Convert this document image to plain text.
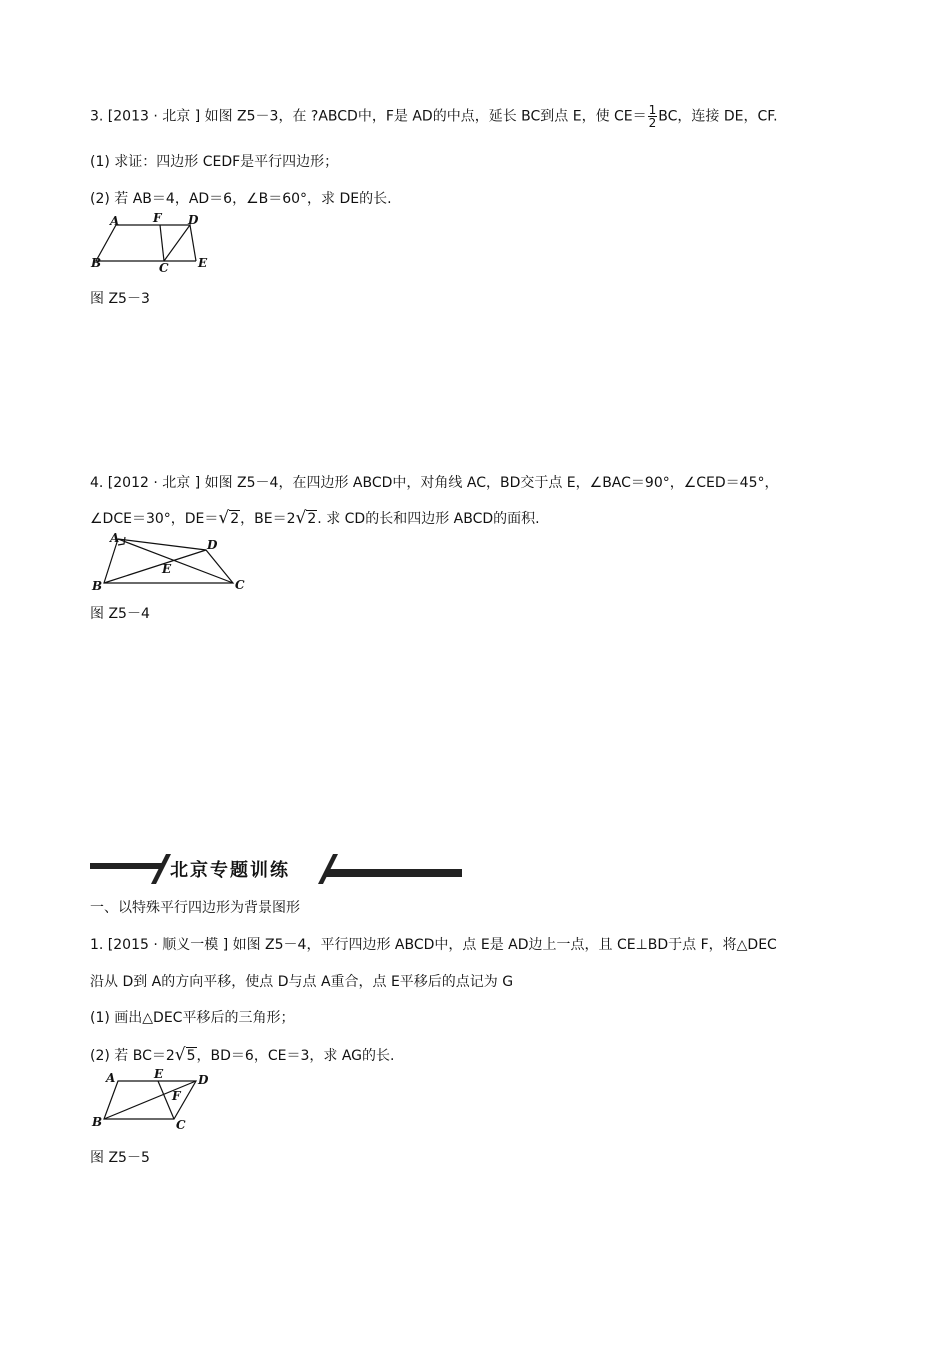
3. [2013 · 北京 ] 如图 Z5－3，在 ?ABCD中，F是 AD的中点，延长 BC到点 E，使 $CE= \frac{1}{2}$ BC，连接 DE，CF.
(1) 求证：四边形 CEDF是平行四边形；
(2) 若 AB＝4，AD＝6，∠B＝60°，求 DE的长.
A	F D
B	C E
图 Z5－3
4. [2012 · 北京 ] 如图 Z5－4，在四边形 ABCD中，对角线 AC，BD交于点 E，∠BAC＝90°，∠CED＝45°，
∠DCE＝30°，DE＝√2，BE＝2√2. 求 CD的长和四边形 ABCD的面积.
A	D
E
B	C
图 Z5－4
北京专题训练
一、以特殊平行四边形为背景图形
1. [2015 · 顺义一模 ] 如图 Z5－4，平行四边形 ABCD中，点 E是 AD边上一点，且 CE⊥BD于点 F，将△DEC
沿从 D到 A的方向平移，使点 D与点 A重合，点 E平移后的点记为 G
(1) 画出△DEC平移后的三角形；
(2) 若 BC＝2√5，BD＝6，CE＝3，求 AG的长.
A	E	D
F
B	C
图 Z5－5
